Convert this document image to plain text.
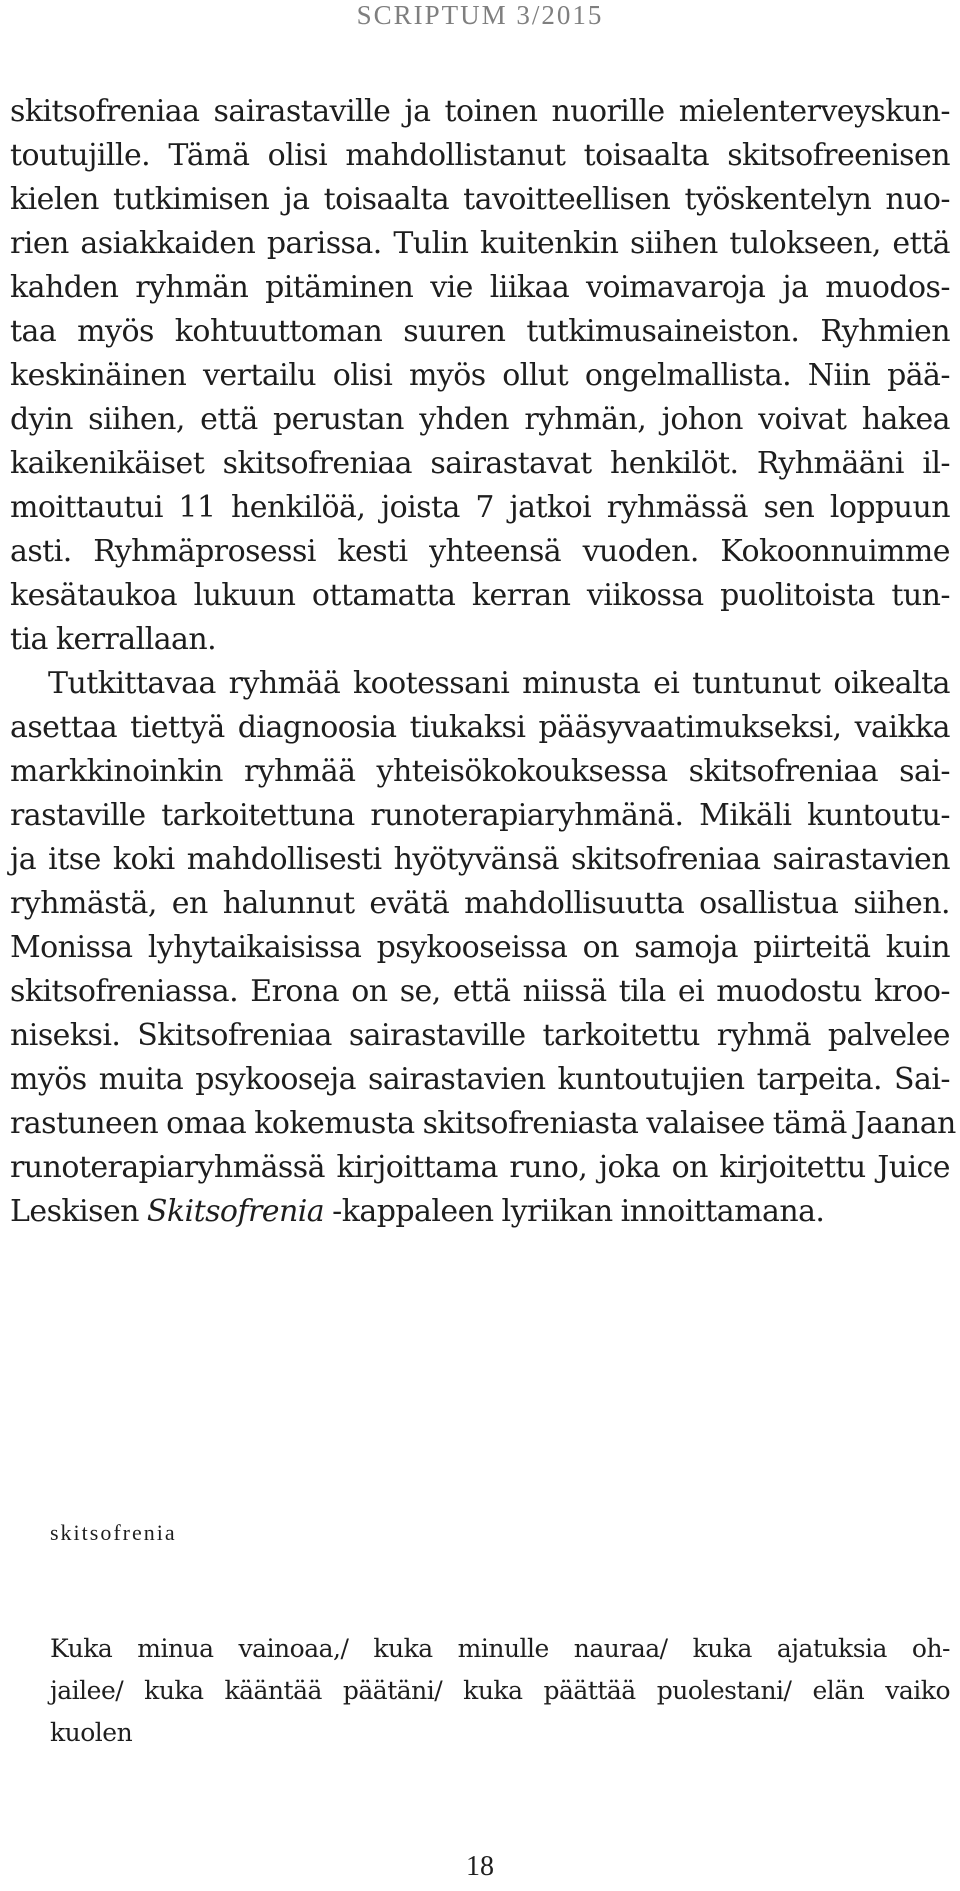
SCRIPTUM 3/2015
skitsofreniaa sairastaville ja toinen nuorille mielenterveyskun-
toutujille. Tämä olisi mahdollistanut toisaalta skitsofreenisen
kielen tutkimisen ja toisaalta tavoitteellisen työskentelyn nuo-
rien asiakkaiden parissa. Tulin kuitenkin siihen tulokseen, että
kahden ryhmän pitäminen vie liikaa voimavaroja ja muodos-
taa myös kohtuuttoman suuren tutkimusaineiston. Ryhmien
keskinäinen vertailu olisi myös ollut ongelmallista. Niin pää-
dyin siihen, että perustan yhden ryhmän, johon voivat hakea
kaikenikäiset skitsofreniaa sairastavat henkilöt. Ryhmääni il-
moittautui 11 henkilöä, joista 7 jatkoi ryhmässä sen loppuun
asti. Ryhmäprosessi kesti yhteensä vuoden. Kokoonnuimme
kesätaukoa lukuun ottamatta kerran viikossa puolitoista tun-
tia kerrallaan.
Tutkittavaa ryhmää kootessani minusta ei tuntunut oikealta
asettaa tiettyä diagnoosia tiukaksi pääsyvaatimukseksi, vaikka
markkinoinkin ryhmää yhteisökokouksessa skitsofreniaa sai-
rastaville tarkoitettuna runoterapiaryhmänä. Mikäli kuntoutu-
ja itse koki mahdollisesti hyötyvänsä skitsofreniaa sairastavien
ryhmästä, en halunnut evätä mahdollisuutta osallistua siihen.
Monissa lyhytaikaisissa psykooseissa on samoja piirteitä kuin
skitsofreniassa. Erona on se, että niissä tila ei muodostu kroo-
niseksi. Skitsofreniaa sairastaville tarkoitettu ryhmä palvelee
myös muita psykooseja sairastavien kuntoutujien tarpeita. Sai-
rastuneen omaa kokemusta skitsofreniasta valaisee tämä Jaanan
runoterapiaryhmässä kirjoittama runo, joka on kirjoitettu Juice
Leskisen Skitsofrenia -kappaleen lyriikan innoittamana.
skitsofrenia
Kuka minua vainoaa,/ kuka minulle nauraa/ kuka ajatuksia oh-
jailee/ kuka kääntää päätäni/ kuka päättää puolestani/ elän vaiko
kuolen
18
